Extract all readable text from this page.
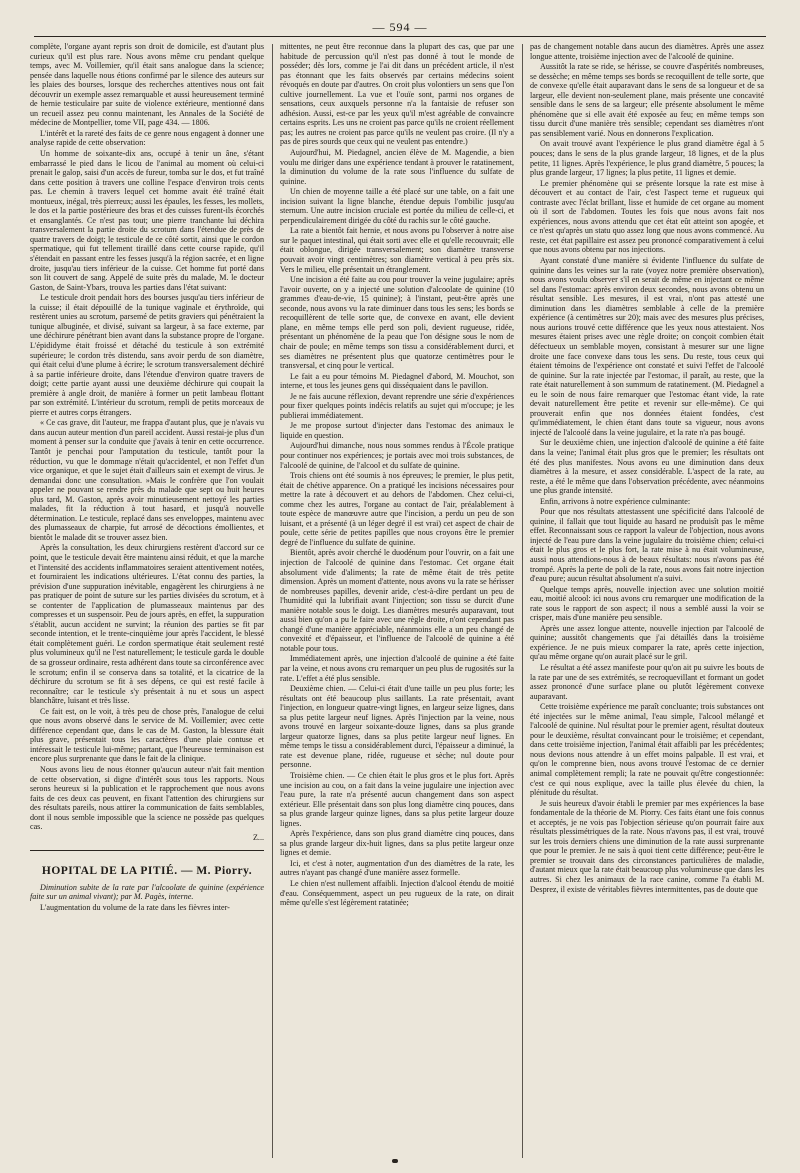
— 594 —

complète, l'organe ayant repris son droit de domicile, est d'autant plus curieux qu'il est plus rare. Nous avons même cru pendant quelque temps, avec M. Voillemier, qu'il était sans analogue dans la science; pensée dans laquelle nous étions confirmé par le silence des auteurs sur les plaies des bourses, lorsque des recherches attentives nous ont fait découvrir un exemple assez remarquable et aussi heureusement terminé de hernie testiculaire par suite de violence extérieure, mentionné dans un recueil assez peu connu maintenant, les Annales de la Société de médecine de Montpellier, tome VII, page 434. — 1806.

L'intérêt et la rareté des faits de ce genre nous engagent à donner une analyse rapide de cette observation:

Un homme de soixante-dix ans, occupé à tenir un âne, s'étant embarrassé le pied dans le licou de l'animal au moment où celui-ci prenait le galop, saisi d'un accès de fureur, tomba sur le dos, et fut traîné dans cette position à travers une colline l'espace d'environ trois cents pas. Le chemin à travers lequel cet homme avait été traîné était montueux, inégal, très pierreux; aussi les épaules, les fesses, les mollets, le dos et la partie postérieure des bras et des cuisses furent-ils écorchés et ensanglantés. Ce n'est pas tout; une pierre tranchante lui déchira transversalement la partie droite du scrotum dans l'étendue de près de quatre travers de doigt; le testicule de ce côté sortit, ainsi que le cordon spermatique, qui fut tellement tiraillé dans cette course rapide, qu'il s'étendait en passant entre les fesses jusqu'à la région sacrée, et en ligne droite, jusqu'au tiers inférieur de la cuisse. Cet homme fut porté dans son lit couvert de sang. Appelé de suite près du malade, M. le docteur Gaston, de Saint-Ybars, trouva les parties dans l'état suivant:

Le testicule droit pendait hors des bourses jusqu'au tiers inférieur de la cuisse; il était dépouillé de la tunique vaginale et érythroïde, qui restèrent unies au scrotum, parsemé de petits graviers qui pénétraient la tunique albuginée, et divisé, suivant sa largeur, à sa face externe, par une déchirure pénétrant bien avant dans la substance propre de l'organe. L'épididyme était froissé et détaché du testicule à son extrémité supérieure; le cordon très distendu, sans avoir perdu de son diamètre, qui était celui d'une plume à écrire; le scrotum transversalement déchiré à sa partie inférieure droite, dans l'étendue d'environ quatre travers de doigt; cette partie ayant aussi une deuxième déchirure qui coupait la première à angle droit, de manière à former un petit lambeau flottant par son extrémité. L'intérieur du scrotum, rempli de petits morceaux de pierre et autres corps étrangers.

« Ce cas grave, dit l'auteur, me frappa d'autant plus, que je n'avais vu dans aucun auteur mention d'un pareil accident. Aussi restai-je plus d'un moment à penser sur la conduite que j'avais à tenir en cette occurrence. Tantôt je penchai pour l'amputation du testicule, tantôt pour la réduction, vu que le dommage n'était qu'accidentel, et non l'effet d'un vice organique, et que le sujet était d'ailleurs sain et exempt de virus. Je demandai donc une consultation. »Mais le confrère que l'on voulait appeler ne pouvant se rendre près du malade que sept ou huit heures plus tard, M. Gaston, après avoir minutieusement nettoyé les parties malades, fit la réduction à tout hasard, et jusqu'à nouvelle détermination. Le testicule, replacé dans ses enveloppes, maintenu avec des plumasseaux de charpie, fut arrosé de décoctions émollientes, et bientôt le malade dit se trouver assez bien.

Après la consultation, les deux chirurgiens restèrent d'accord sur ce point, que le testicule devait être maintenu ainsi réduit, et que la marche et l'intensité des accidents inflammatoires seraient attentivement notées, et fourniraient les indications ultérieures. L'état connu des parties, la prévision d'une suppuration inévitable, engagèrent les chirurgiens à ne pas pratiquer de point de suture sur les parties divisées du scrotum, et à se contenter de l'application de plumasseaux maintenus par des compresses et un suspensoir. Peu de jours après, en effet, la suppuration s'établit, aucun accident ne survint; la réunion des parties se fit par seconde intention, et le trente-cinquième jour après l'accident, le blessé était complètement guéri. Le cordon spermatique était seulement resté plus volumineux qu'il ne l'est naturellement; le testicule garda le double de sa grosseur ordinaire, resta adhérent dans toute sa circonférence avec le scrotum; enfin il se conserva dans sa totalité, et la cicatrice de la déchirure du scrotum se fit à ses dépens, ce qui est resté facile à reconnaître; car le testicule s'y présentait à nu et sous un aspect blanchâtre, luisant et très lisse.

Ce fait est, on le voit, à très peu de chose près, l'analogue de celui que nous avons observé dans le service de M. Voillemier; avec cette différence cependant que, dans le cas de M. Gaston, la blessure était plus grave, présentait tous les caractères d'une plaie contuse et intéressait le testicule lui-même; partant, que l'heureuse terminaison est encore plus surprenante que dans le fait de la clinique.

Nous avons lieu de nous étonner qu'aucun auteur n'ait fait mention de cette observation, si digne d'intérêt sous tous les rapports. Nous serons heureux si la publication et le rapprochement que nous avons faits de ces deux cas peuvent, en fixant l'attention des chirurgiens sur des résultats pareils, nous attirer la communication de faits semblables, dont il nous semble impossible que la science ne possède pas quelques cas.

Z...
HOPITAL DE LA PITIÉ. — M. Piorry.

Diminution subite de la rate par l'alcoolate de quinine (expérience faite sur un animal vivant); par M. Pagès, interne.

L'augmentation du volume de la rate dans les fièvres inter-

mittentes, ne peut être reconnue dans la plupart des cas, que par une habitude de percussion qu'il n'est pas donné à tout le monde de posséder; dès lors, comme je l'ai dit dans un précédent article, il n'est pas étonnant que les faits observés par certains médecins soient révoqués en doute par d'autres. On croit plus volontiers un sens que l'on cultive journellement. La vue et l'ouïe sont, parmi nos organes de sensations, ceux auxquels personne n'a la fantaisie de refuser son adhésion. Aussi, est-ce par les yeux qu'il m'est agréable de convaincre certains esprits. Les uns ne croient pas parce qu'ils ne croient réellement pas; les autres ne croient pas parce qu'ils ne veulent pas croire. (Il n'y a pas de pires sourds que ceux qui ne veulent pas entendre.)

Aujourd'hui, M. Piedagnel, ancien élève de M. Magendie, a bien voulu me diriger dans une expérience tendant à prouver le ratatinement, la diminution du volume de la rate sous l'influence du sulfate de quinine.

Un chien de moyenne taille a été placé sur une table, on a fait une incision suivant la ligne blanche, étendue depuis l'ombilic jusqu'au sternum. Une autre incision cruciale est portée du milieu de celle-ci, et perpendiculairement dirigée du côté du rachis sur le côté gauche.

La rate a bientôt fait hernie, et nous avons pu l'observer à notre aise sur le paquet intestinal, qui était sorti avec elle et qu'elle recouvrait; elle était oblongue, dirigée transversalement; son diamètre transverse pouvait avoir vingt centimètres; son diamètre vertical à peu près six. Vers le milieu, elle présentait un étranglement.

Une incision a été faite au cou pour trouver la veine jugulaire; après l'avoir ouverte, on y a injecté une solution d'alcoolate de quinine (10 grammes d'eau-de-vie, 15 quinine); à l'instant, peut-être après une seconde, nous avons vu la rate diminuer dans tous les sens; les bords se recoquillèrent de telle sorte que, de convexe en avant, elle devient plane, en même temps elle perd son poli, devient rugueuse, ridée, présentant un phénomène de la peau que l'on désigne sous le nom de chair de poule; en même temps son tissu a considérablement durci, et ses diamètres ne présentent plus que quatorze centimètres pour le transversal, et cinq pour le vertical.

Le fait a eu pour témoins M. Piedagnel d'abord, M. Mouchot, son interne, et tous les jeunes gens qui disséquaient dans le pavillon.

Je ne fais aucune réflexion, devant reprendre une série d'expériences pour fixer quelques points indécis relatifs au sujet qui m'occupe; je les publierai immédiatement.

Je me propose surtout d'injecter dans l'estomac des animaux le liquide en question.

Aujourd'hui dimanche, nous nous sommes rendus à l'École pratique pour continuer nos expériences; je portais avec moi trois substances, de l'alcoolé de quinine, de l'alcool et du sulfate de quinine.

Trois chiens ont été soumis à nos épreuves; le premier, le plus petit, était de chétive apparence. On a pratiqué les incisions nécessaires pour mettre la rate à découvert et au dehors de l'abdomen. Chez celui-ci, comme chez les autres, l'organe au contact de l'air, préalablement à toute espèce de manœuvre autre que l'incision, a perdu un peu de son luisant, et a présenté (à un léger degré il est vrai) cet aspect de chair de poule, cette série de petites papilles que nous croyons être le premier degré de l'influence du sulfate de quinine.

Bientôt, après avoir cherché le duodénum pour l'ouvrir, on a fait une injection de l'alcoolé de quinine dans l'estomac. Cet organe était absolument vide d'aliments; la rate de même était de très petite dimension. Après un moment d'attente, nous avons vu la rate se hérisser de nombreuses papilles, devenir aride, c'est-à-dire perdant un peu de l'humidité qui la lubrifiait avant l'injection; son tissu se durcit d'une manière notable sous le doigt. Les diamètres mesurés auparavant, tout aussi bien qu'on a pu le faire avec une règle droite, n'ont cependant pas changé d'une manière appréciable, néanmoins elle a un peu changé de convexité et d'épaisseur, et l'influence de l'alcoolé de quinine a été notable pour tous.

Immédiatement après, une injection d'alcoolé de quinine a été faite par la veine, et nous avons cru remarquer un peu plus de rugosités sur la rate. L'effet a été plus sensible.

Deuxième chien. — Celui-ci était d'une taille un peu plus forte; les résultats ont été beaucoup plus saillants. La rate présentait, avant l'injection, en longueur quatre-vingt lignes, en largeur seize lignes, dans sa plus petite largeur neuf lignes. Après l'injection par la veine, nous avons trouvé en largeur soixante-douze lignes, dans sa plus grande largeur quatorze lignes, dans sa plus petite largeur neuf lignes. En même temps le tissu a considérablement durci, l'épaisseur a diminué, la rate est devenue plane, ridée, rugueuse et sèche; nul doute pour personne.

Troisième chien. — Ce chien était le plus gros et le plus fort. Après une incision au cou, on a fait dans la veine jugulaire une injection avec l'eau pure, la rate n'a présenté aucun changement dans son aspect extérieur. Elle présentait dans son plus long diamètre cinq pouces, dans sa plus grande largeur quinze lignes, dans sa plus petite largeur douze lignes.

Après l'expérience, dans son plus grand diamètre cinq pouces, dans sa plus grande largeur dix-huit lignes, dans sa plus petite largeur onze lignes et demie.

Ici, et c'est à noter, augmentation d'un des diamètres de la rate, les autres n'ayant pas changé d'une manière assez formelle.

Le chien n'est nullement affaibli. Injection d'alcool étendu de moitié d'eau. Conséquemment, aspect un peu rugueux de la rate, on dirait même qu'elle s'est légèrement ratatinée;

pas de changement notable dans aucun des diamètres. Après une assez longue attente, troisième injection avec de l'alcoolé de quinine.

Aussitôt la rate se ride, se hérisse, se couvre d'aspérités nombreuses, se dessèche; en même temps ses bords se recoquillent de telle sorte, que de convexe qu'elle était auparavant dans le sens de sa longueur et de sa largeur, elle devient non-seulement plane, mais présente une concavité sensible dans le sens de sa largeur; elle présente absolument le même phénomène que si elle avait été exposée au feu; en même temps son tissu durcit d'une manière très sensible; cependant ses diamètres n'ont pas sensiblement varié. Nous en donnerons l'explication.

On avait trouvé avant l'expérience le plus grand diamètre égal à 5 pouces; dans le sens de la plus grande largeur, 18 lignes, et de la plus petite, 11 lignes. Après l'expérience, le plus grand diamètre, 5 pouces; la plus grande largeur, 17 lignes; la plus petite, 11 lignes et demie.

Le premier phénomène qui se présente lorsque la rate est mise à découvert et au contact de l'air, c'est l'aspect terne et rugueux qui contraste avec l'éclat brillant, lisse et humide de cet organe au moment où il sort de l'abdomen. Toutes les fois que nous avons fait nos expériences, nous avons attendu que cet état eût atteint son apogée, et ce n'est qu'après un statu quo assez long que nous avons commencé. Au reste, cet état papillaire est assez peu prononcé comparativement à celui que nous avons obtenu par nos injections.

Ayant constaté d'une manière si évidente l'influence du sulfate de quinine dans les veines sur la rate (voyez notre première observation), nous avons voulu observer s'il en serait de même en injectant ce même sel dans l'estomac: après environ deux secondes, nous avons obtenu un résultat sensible. Les mesures, il est vrai, n'ont pas attesté une diminution dans les diamètres semblable à celle de la première expérience (à centimètres sur 20); mais avec des mesures plus précises, nous aurions trouvé cette différence que les yeux nous attestaient. Nos mesures étaient prises avec une règle droite; on conçoit combien était défectueux un semblable moyen, consistant à mesurer sur une ligne droite une face convexe dans tous les sens. Du reste, tous ceux qui étaient témoins de l'expérience ont constaté et suivi l'effet de l'alcoolé de quinine. Sur la rate injectée par l'estomac, il paraît, au reste, que la rate était naturellement à son summum de ratatinement. (M. Piedagnel a eu le soin de nous faire remarquer que l'estomac étant vide, la rate devait naturellement être petite et revenir sur elle-même). Ce qui prouverait enfin que nos données étaient fondées, c'est qu'immédiatement, le chien étant dans toute sa vigueur, nous avons injecté de l'alcoolé dans la veine jugulaire, et la rate n'a pas bougé.

Sur le deuxième chien, une injection d'alcoolé de quinine a été faite dans la veine; l'animal était plus gros que le premier; les résultats ont été des plus manifestes. Nous avons eu une diminution dans deux diamètres à la mesure, et assez considérable. L'aspect de la rate, au reste, a été le même que dans l'observation précédente, avec néanmoins une plus grande intensité.

Enfin, arrivons à notre expérience culminante:

Pour que nos résultats attestassent une spécificité dans l'alcoolé de quinine, il fallait que tout liquide au hasard ne produisît pas le même effet. Reconnaissant sous ce rapport la valeur de l'objection, nous avons injecté de l'eau pure dans la veine jugulaire du troisième chien; celui-ci était le plus gros et le plus fort, la rate mise à nu était volumineuse, aussi nous attendions-nous à de beaux résultats: nous n'avons pas été trompé. Après la perte de poli de la rate, nous avons fait notre injection d'eau pure; aucun résultat absolument n'a suivi.

Quelque temps après, nouvelle injection avec une solution moitié eau, moitié alcool: ici nous avons cru remarquer une modification de la rate sous le rapport de son aspect; il nous a semblé aussi la voir se crisper, mais d'une manière peu sensible.

Après une assez longue attente, nouvelle injection par l'alcoolé de quinine; aussitôt changements que j'ai détaillés dans la troisième expérience. Je ne puis mieux comparer la rate, après cette injection, qu'au même organe qu'on aurait placé sur le gril.

Le résultat a été assez manifeste pour qu'on ait pu suivre les bouts de la rate par une de ses extrémités, se recroquevillant et formant un godet assez prononcé d'une surface plane ou plutôt légèrement convexe auparavant.

Cette troisième expérience me paraît concluante; trois substances ont été injectées sur le même animal, l'eau simple, l'alcool mélangé et l'alcoolé de quinine. Nul résultat pour le premier agent, résultat douteux pour le deuxième, résultat convaincant pour le troisième; et cependant, dans cette troisième injection, l'animal était affaibli par les précédentes; nous devions nous attendre à un effet moins palpable. Il est vrai, et qu'on le comprenne bien, nous avons trouvé l'estomac de ce dernier animal complètement rempli; la rate ne pouvait qu'être congestionnée: c'est ce qui nous explique, avec la taille plus élevée du chien, la plénitude du résultat.

Je suis heureux d'avoir établi le premier par mes expériences la base fondamentale de la théorie de M. Piorry. Ces faits étant une fois connus et acceptés, je ne vois pas l'objection sérieuse qu'on pourrait faire aux résultats plessimétriques de la rate. Nous n'avons pas, il est vrai, trouvé sur les trois derniers chiens une diminution de la rate aussi surprenante que pour le premier. Je ne sais à quoi tient cette différence; peut-être le premier se trouvait dans des circonstances particulières de maladie, d'autant mieux que la rate était beaucoup plus volumineuse que dans les autres. Si chez les animaux de la race canine, comme l'a établi M. Desprez, il existe de véritables fièvres intermittentes, pas de doute que
